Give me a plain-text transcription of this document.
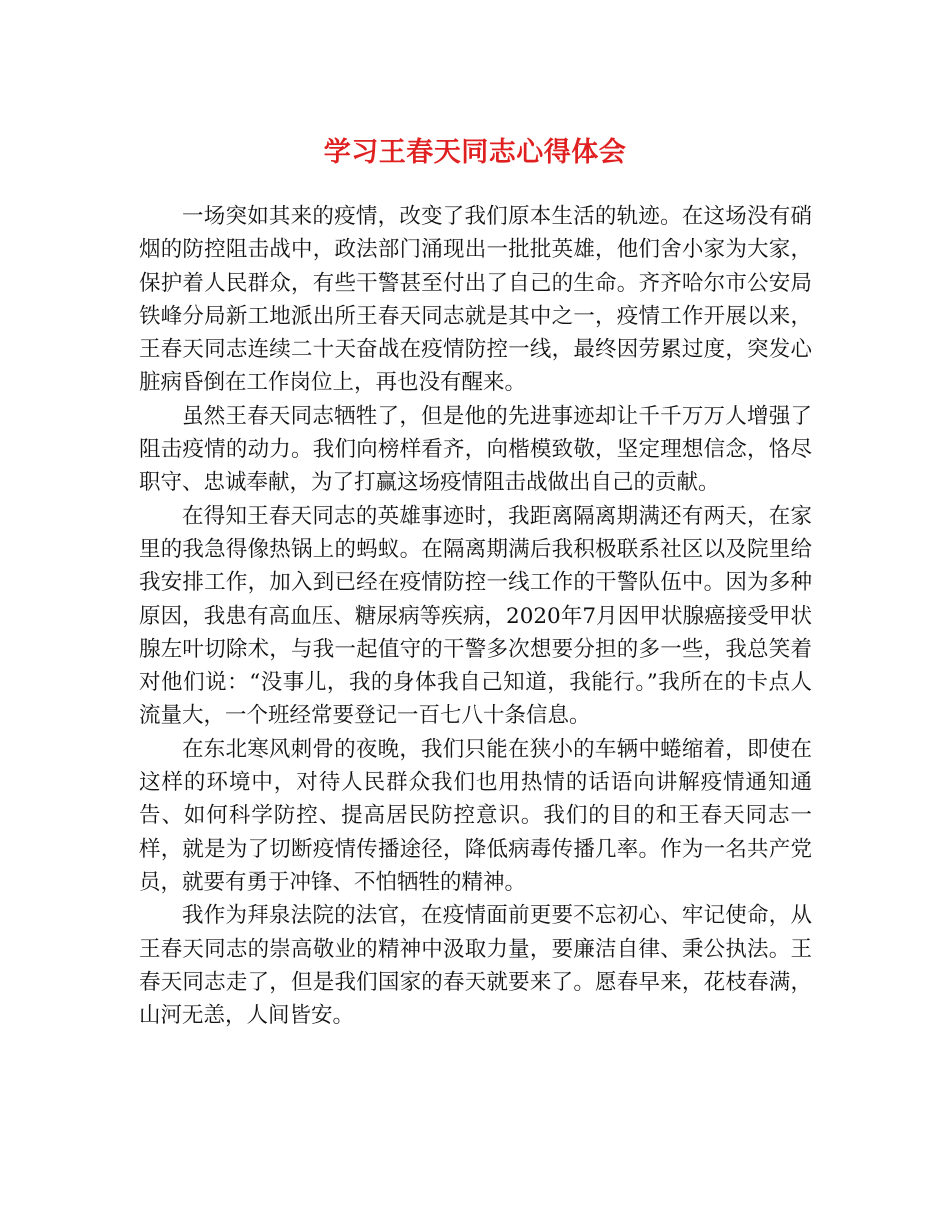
学习王春天同志心得体会

一场突如其来的疫情，改变了我们原本生活的轨迹。在这场没有硝烟的防控阻击战中，政法部门涌现出一批批英雄，他们舍小家为大家，保护着人民群众，有些干警甚至付出了自己的生命。齐齐哈尔市公安局铁峰分局新工地派出所王春天同志就是其中之一，疫情工作开展以来，王春天同志连续二十天奋战在疫情防控一线，最终因劳累过度，突发心脏病昏倒在工作岗位上，再也没有醒来。

虽然王春天同志牺牲了，但是他的先进事迹却让千千万万人增强了阻击疫情的动力。我们向榜样看齐，向楷模致敬，坚定理想信念，恪尽职守、忠诚奉献，为了打赢这场疫情阻击战做出自己的贡献。

在得知王春天同志的英雄事迹时，我距离隔离期满还有两天，在家里的我急得像热锅上的蚂蚁。在隔离期满后我积极联系社区以及院里给我安排工作，加入到已经在疫情防控一线工作的干警队伍中。因为多种原因，我患有高血压、糖尿病等疾病，2020年7月因甲状腺癌接受甲状腺左叶切除术，与我一起值守的干警多次想要分担的多一些，我总笑着对他们说：“没事儿，我的身体我自己知道，我能行。”我所在的卡点人流量大，一个班经常要登记一百七八十条信息。

在东北寒风刺骨的夜晚，我们只能在狭小的车辆中蜷缩着，即使在这样的环境中，对待人民群众我们也用热情的话语向讲解疫情通知通告、如何科学防控、提高居民防控意识。我们的目的和王春天同志一样，就是为了切断疫情传播途径，降低病毒传播几率。作为一名共产党员，就要有勇于冲锋、不怕牺牲的精神。

我作为拜泉法院的法官，在疫情面前更要不忘初心、牢记使命，从王春天同志的崇高敬业的精神中汲取力量，要廉洁自律、秉公执法。王春天同志走了，但是我们国家的春天就要来了。愿春早来，花枝春满，山河无恙，人间皆安。
